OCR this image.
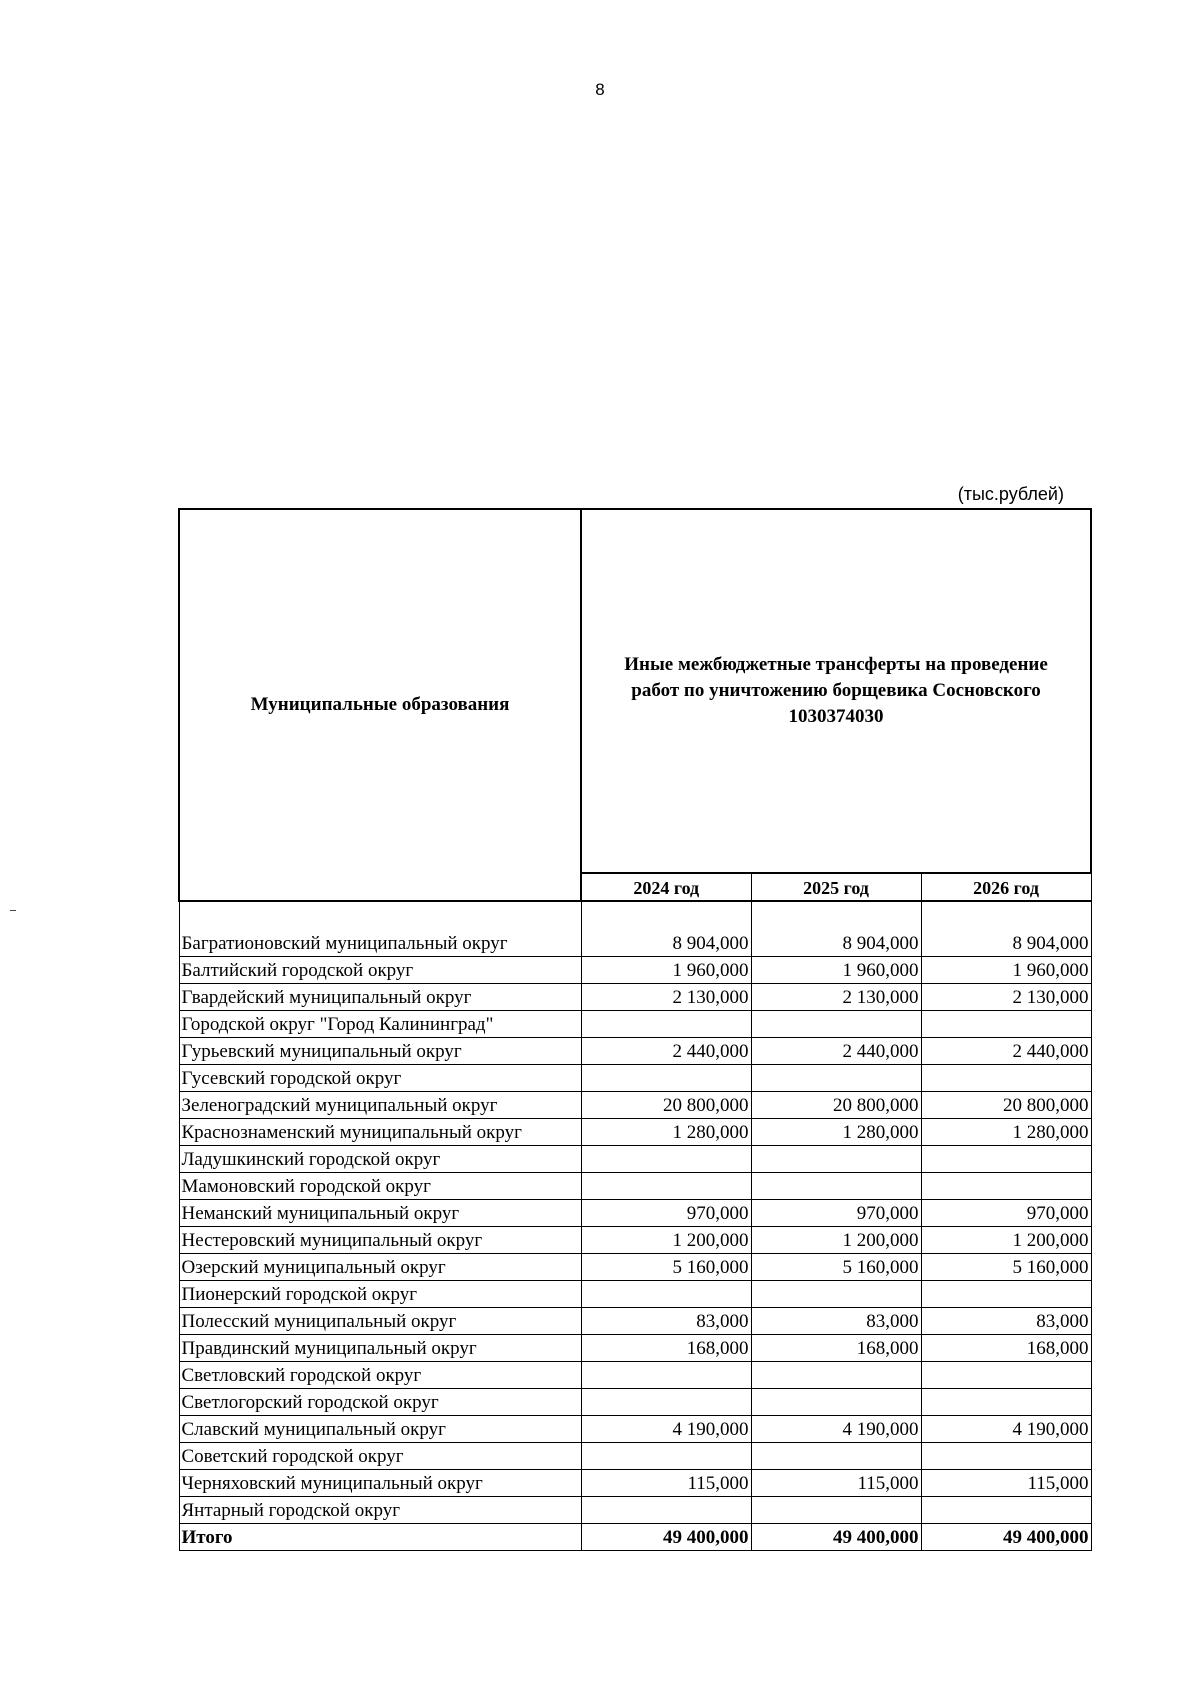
8
(тыс.рублей)
Муниципальные образования	Иные межбюджетные трансферты на проведение
работ по уничтожению борщевика Сосновского
1030374030		
	2024 год	2025 год	2026 год
Багратионовский муниципальный округ	8 904,000	8 904,000	8 904,000
Балтийский городской округ	1 960,000	1 960,000	1 960,000
Гвардейский муниципальный округ	2 130,000	2 130,000	2 130,000
Городской округ "Город Калининград"			
Гурьевский муниципальный округ	2 440,000	2 440,000	2 440,000
Гусевский городской округ			
Зеленоградский муниципальный округ	20 800,000	20 800,000	20 800,000
Краснознаменский муниципальный округ	1 280,000	1 280,000	1 280,000
Ладушкинский городской округ			
Мамоновский городской округ			
Неманский муниципальный округ	970,000	970,000	970,000
Нестеровский муниципальный округ	1 200,000	1 200,000	1 200,000
Озерский муниципальный округ	5 160,000	5 160,000	5 160,000
Пионерский городской округ			
Полесский муниципальный округ	83,000	83,000	83,000
Правдинский муниципальный округ	168,000	168,000	168,000
Светловский городской округ			
Светлогорский городской округ			
Славский муниципальный округ	4 190,000	4 190,000	4 190,000
Советский городской округ			
Черняховский муниципальный округ	115,000	115,000	115,000
Янтарный городской округ			
Итого	49 400,000	49 400,000	49 400,000
